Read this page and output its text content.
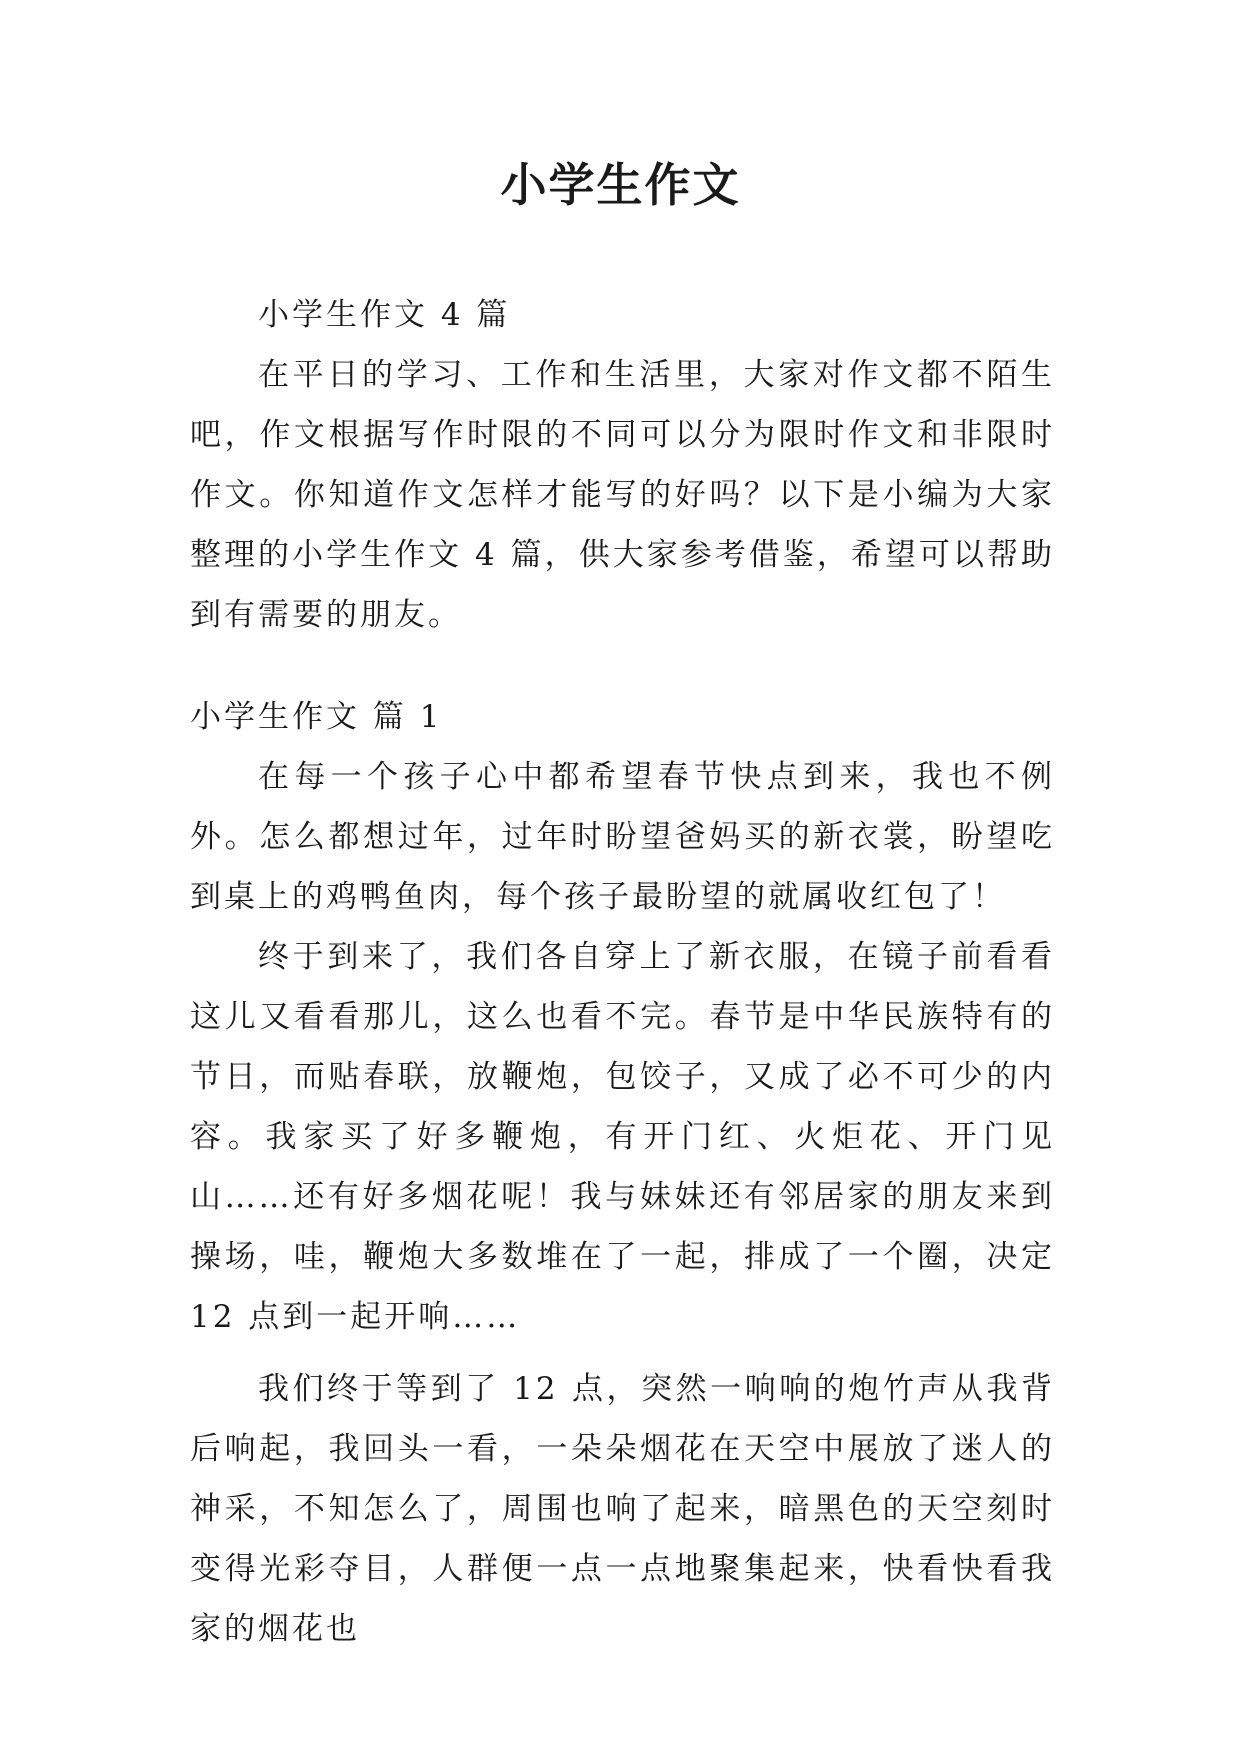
小学生作文

小学生作文 4 篇

在平日的学习、工作和生活里，大家对作文都不陌生吧，作文根据写作时限的不同可以分为限时作文和非限时作文。你知道作文怎样才能写的好吗？以下是小编为大家整理的小学生作文 4 篇，供大家参考借鉴，希望可以帮助到有需要的朋友。

小学生作文 篇 1

在每一个孩子心中都希望春节快点到来，我也不例外。怎么都想过年，过年时盼望爸妈买的新衣裳，盼望吃到桌上的鸡鸭鱼肉，每个孩子最盼望的就属收红包了！

终于到来了，我们各自穿上了新衣服，在镜子前看看这儿又看看那儿，这么也看不完。春节是中华民族特有的节日，而贴春联，放鞭炮，包饺子，又成了必不可少的内容。我家买了好多鞭炮，有开门红、火炬花、开门见山……还有好多烟花呢！我与妹妹还有邻居家的朋友来到操场，哇，鞭炮大多数堆在了一起，排成了一个圈，决定 12 点到一起开响……

我们终于等到了 12 点，突然一响响的炮竹声从我背后响起，我回头一看，一朵朵烟花在天空中展放了迷人的神采，不知怎么了，周围也响了起来，暗黑色的天空刻时变得光彩夺目，人群便一点一点地聚集起来，快看快看我家的烟花也
